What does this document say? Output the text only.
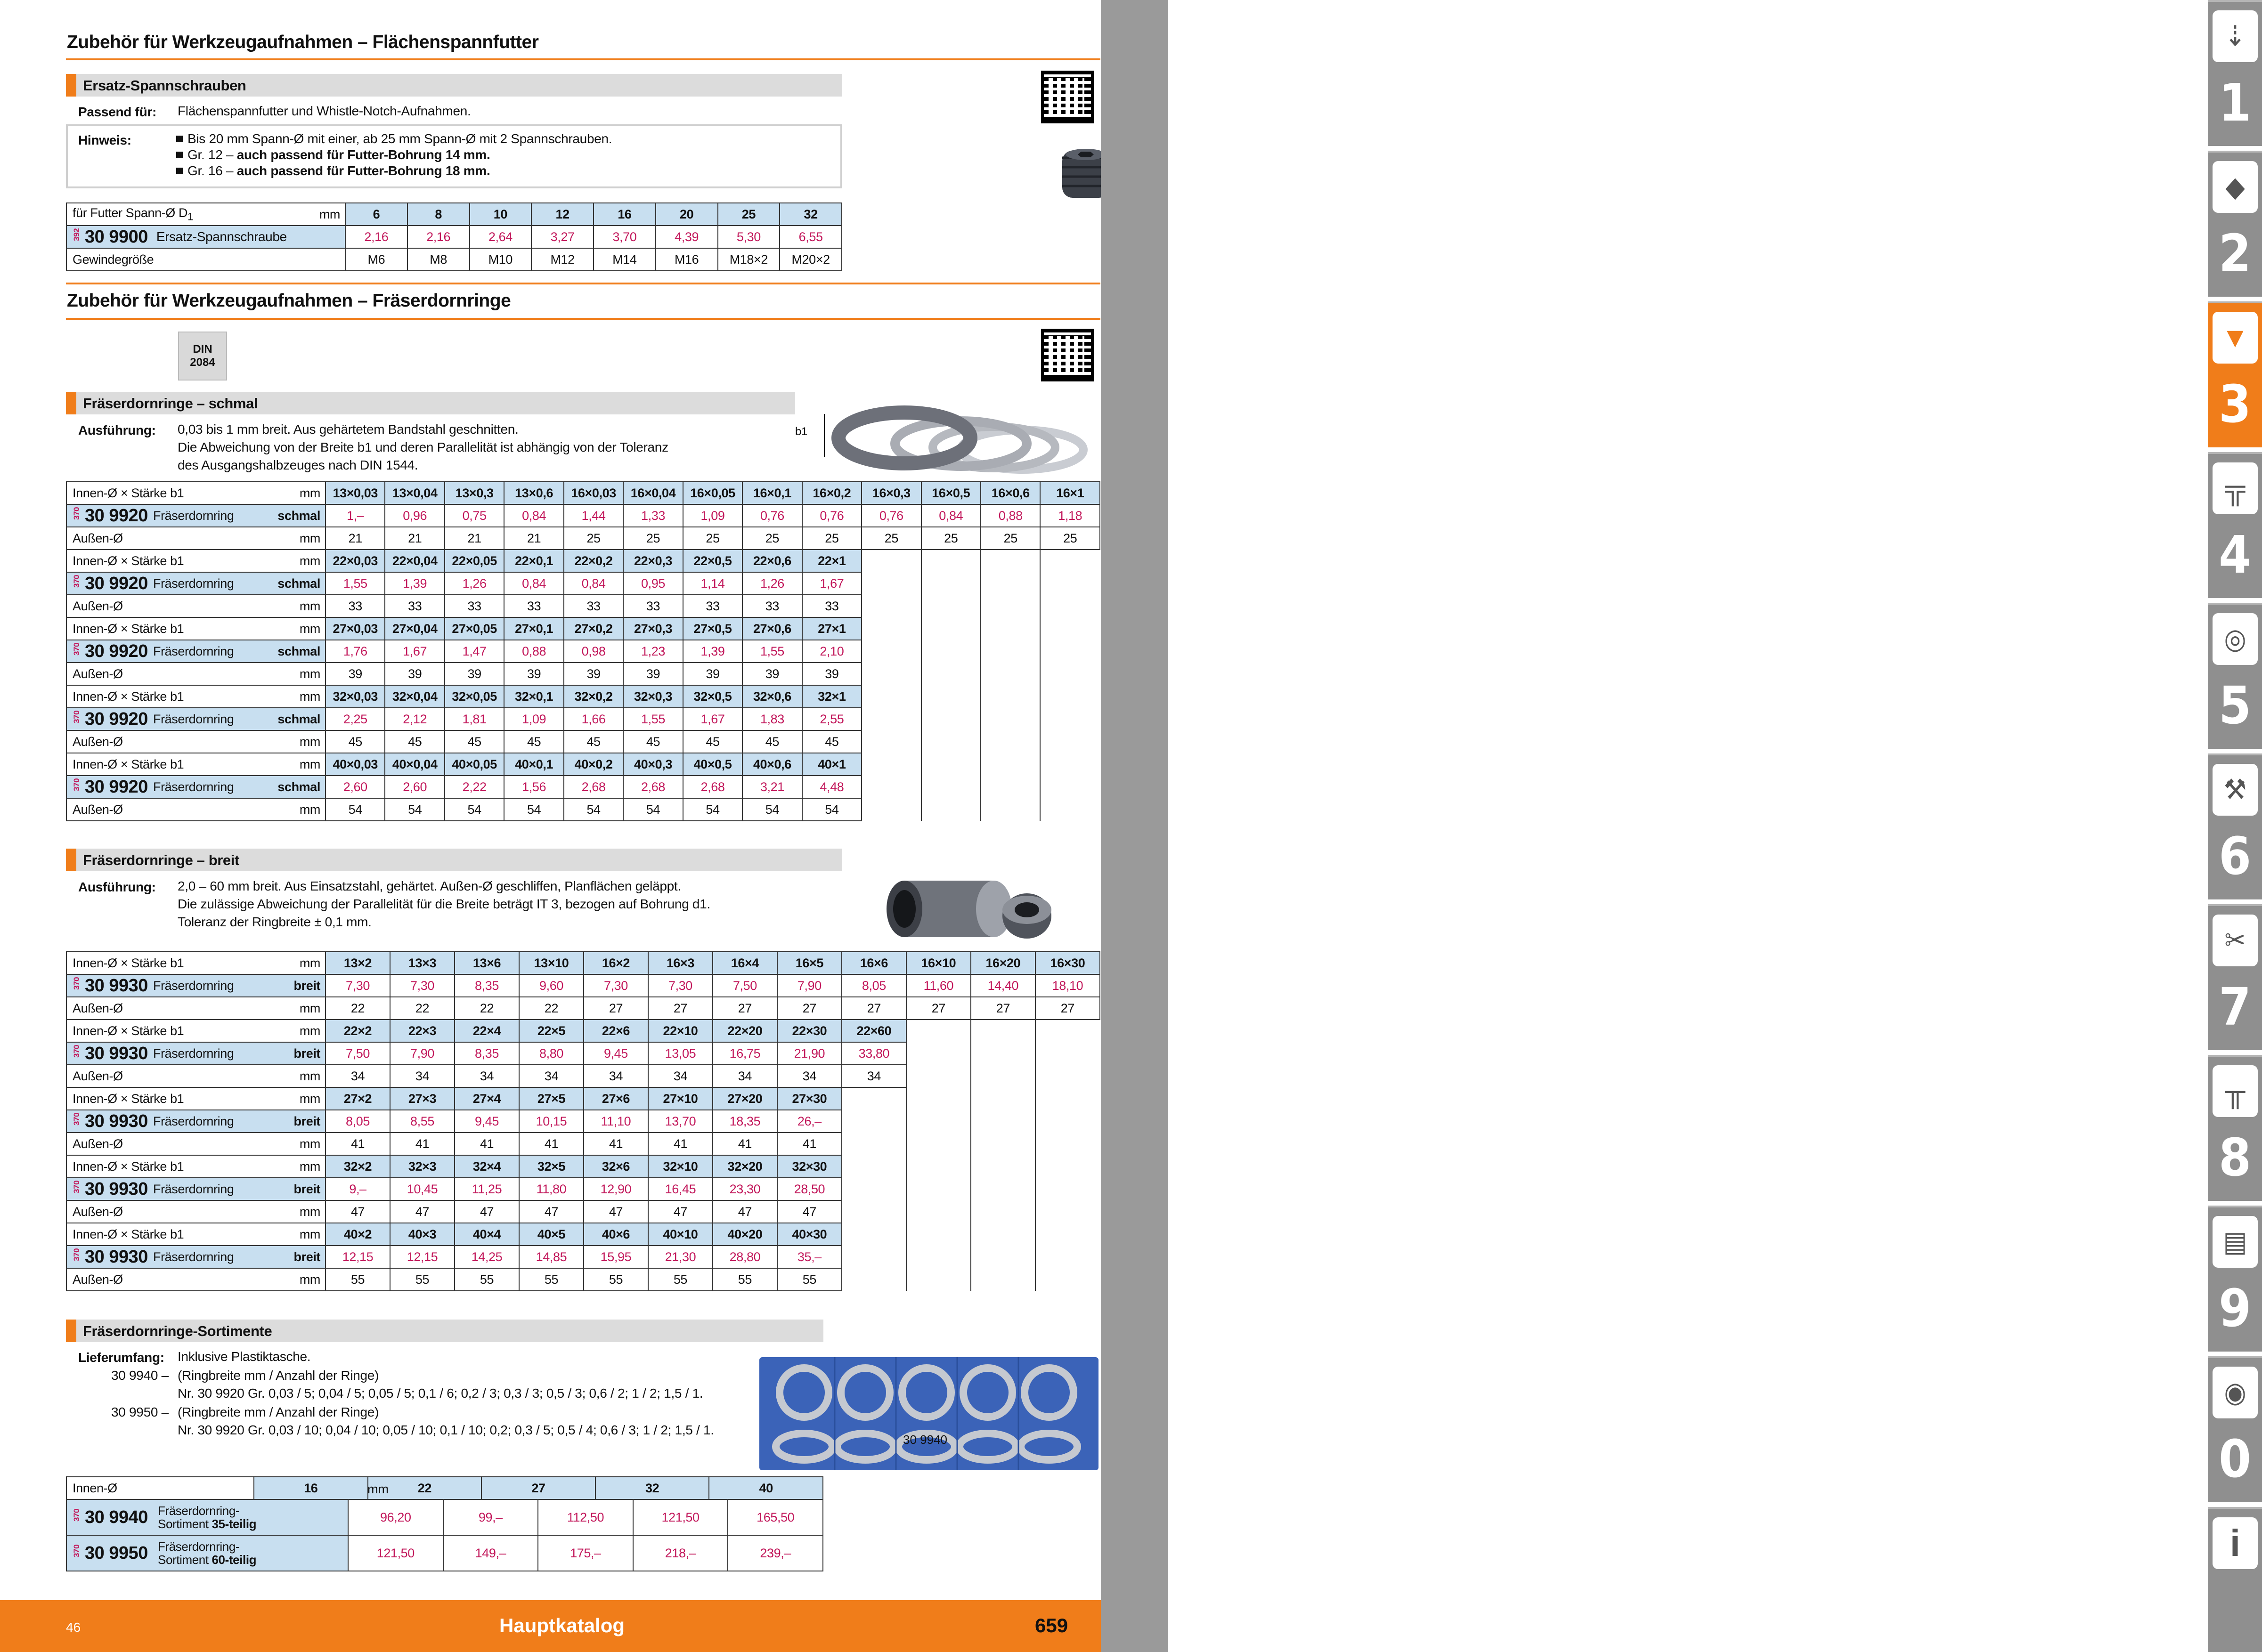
Zubehör für Werkzeugaufnahmen – Flächenspannfutter
Ersatz-Spannschrauben
Passend für: Flächenspannfutter und Whistle-Notch-Aufnahmen.
Hinweis:	Bis 20 mm Spann-Ø mit einer, ab 25 mm Spann-Ø mit 2 Spannschrauben.
Gr. 12 – auch passend für Futter-Bohrung 14 mm.
Gr. 16 – auch passend für Futter-Bohrung 18 mm.
für Futter Spann-Ø $D_1$	mm	6	8	10	12	16	20	25	32
392 30 9900 Ersatz-Spannschraube		2,16	2,16	2,64	3,27	3,70	4,39	5,30	6,55
Gewindegröße		M6	M8	M10	M12	M14	M16	M18×2	M20×2
Zubehör für Werkzeugaufnahmen – Fräserdornringe
DIN
2084
Fräserdornringe – schmal
Ausführung: 0,03 bis 1 mm breit. Aus gehärtetem Bandstahl geschnitten.
Die Abweichung von der Breite b1 und deren Parallelität ist abhängig von der Toleranz
des Ausgangshalbzeuges nach DIN 1544.
b1
Innen-Ø × Stärke b1		mm	13×0,03	13×0,04	13×0,3	13×0,6	16×0,03	16×0,04	16×0,05	16×0,1	16×0,2	16×0,3	16×0,5	16×0,6	16×1
370 30 9920	Fräserdornring	schmal	1,–	0,96	0,75	0,84	1,44	1,33	1,09	0,76	0,76	0,76	0,84	0,88	1,18
Außen-Ø		mm	21	21	21	21	25	25	25	25	25	25	25	25	25
Innen-Ø × Stärke b1		mm	22×0,03	22×0,04	22×0,05	22×0,1	22×0,2	22×0,3	22×0,5	22×0,6	22×1				
370 30 9920	Fräserdornring	schmal	1,55	1,39	1,26	0,84	0,84	0,95	1,14	1,26	1,67				
Außen-Ø		mm	33	33	33	33	33	33	33	33	33				
Innen-Ø × Stärke b1		mm	27×0,03	27×0,04	27×0,05	27×0,1	27×0,2	27×0,3	27×0,5	27×0,6	27×1				
370 30 9920	Fräserdornring	schmal	1,76	1,67	1,47	0,88	0,98	1,23	1,39	1,55	2,10				
Außen-Ø		mm	39	39	39	39	39	39	39	39	39				
Innen-Ø × Stärke b1		mm	32×0,03	32×0,04	32×0,05	32×0,1	32×0,2	32×0,3	32×0,5	32×0,6	32×1				
370 30 9920	Fräserdornring	schmal	2,25	2,12	1,81	1,09	1,66	1,55	1,67	1,83	2,55				
Außen-Ø		mm	45	45	45	45	45	45	45	45	45				
Innen-Ø × Stärke b1		mm	40×0,03	40×0,04	40×0,05	40×0,1	40×0,2	40×0,3	40×0,5	40×0,6	40×1				
370 30 9920	Fräserdornring	schmal	2,60	2,60	2,22	1,56	2,68	2,68	2,68	3,21	4,48				
Außen-Ø		mm	54	54	54	54	54	54	54	54	54				
Fräserdornringe – breit
Ausführung: 2,0 – 60 mm breit. Aus Einsatzstahl, gehärtet. Außen-Ø geschliffen, Planflächen geläppt.
Die zulässige Abweichung der Parallelität für die Breite beträgt IT 3, bezogen auf Bohrung d1.
Toleranz der Ringbreite ± 0,1 mm.
Innen-Ø × Stärke b1		mm	13×2	13×3	13×6	13×10	16×2	16×3	16×4	16×5	16×6	16×10	16×20	16×30
370 30 9930	Fräserdornring	breit	7,30	7,30	8,35	9,60	7,30	7,30	7,50	7,90	8,05	11,60	14,40	18,10
Außen-Ø		mm	22	22	22	22	27	27	27	27	27	27	27	27
Innen-Ø × Stärke b1		mm	22×2	22×3	22×4	22×5	22×6	22×10	22×20	22×30	22×60			
370 30 9930	Fräserdornring	breit	7,50	7,90	8,35	8,80	9,45	13,05	16,75	21,90	33,80			
Außen-Ø		mm	34	34	34	34	34	34	34	34	34			
Innen-Ø × Stärke b1		mm	27×2	27×3	27×4	27×5	27×6	27×10	27×20	27×30				
370 30 9930	Fräserdornring	breit	8,05	8,55	9,45	10,15	11,10	13,70	18,35	26,–				
Außen-Ø		mm	41	41	41	41	41	41	41	41				
Innen-Ø × Stärke b1		mm	32×2	32×3	32×4	32×5	32×6	32×10	32×20	32×30				
370 30 9930	Fräserdornring	breit	9,–	10,45	11,25	11,80	12,90	16,45	23,30	28,50				
Außen-Ø		mm	47	47	47	47	47	47	47	47				
Innen-Ø × Stärke b1		mm	40×2	40×3	40×4	40×5	40×6	40×10	40×20	40×30				
370 30 9930	Fräserdornring	breit	12,15	12,15	14,25	14,85	15,95	21,30	28,80	35,–				
Außen-Ø		mm	55	55	55	55	55	55	55	55				
Fräserdornringe-Sortimente
Lieferumfang: Inklusive Plastiktasche.
30 9940 – (Ringbreite mm / Anzahl der Ringe)
Nr. 30 9920 Gr. 0,03 / 5; 0,04 / 5; 0,05 / 5; 0,1 / 6; 0,2 / 3; 0,3 / 3; 0,5 / 3; 0,6 / 2; 1 / 2; 1,5 / 1.
30 9950 – (Ringbreite mm / Anzahl der Ringe)
Nr. 30 9920 Gr. 0,03 / 10; 0,04 / 10; 0,05 / 10; 0,1 / 10; 0,2; 0,3 / 5; 0,5 / 4; 0,6 / 3; 1 / 2; 1,5 / 1.
30 9940
Innen-Ø	16	22	27	32	40
mm
370 30 9940	Fräserdornring-
Sortiment 35-teilig	96,20	99,–	112,50	121,50	165,50
370 30 9950	Fräserdornring-
Sortiment 60-teilig	121,50	149,–	175,–	218,–	239,–
⇣
1
◆
2
▼
3
╦
4
◎
5
⚒
6
✂
7
╥
8
▤
9
◉
0
i
46	Hauptkatalog	659
